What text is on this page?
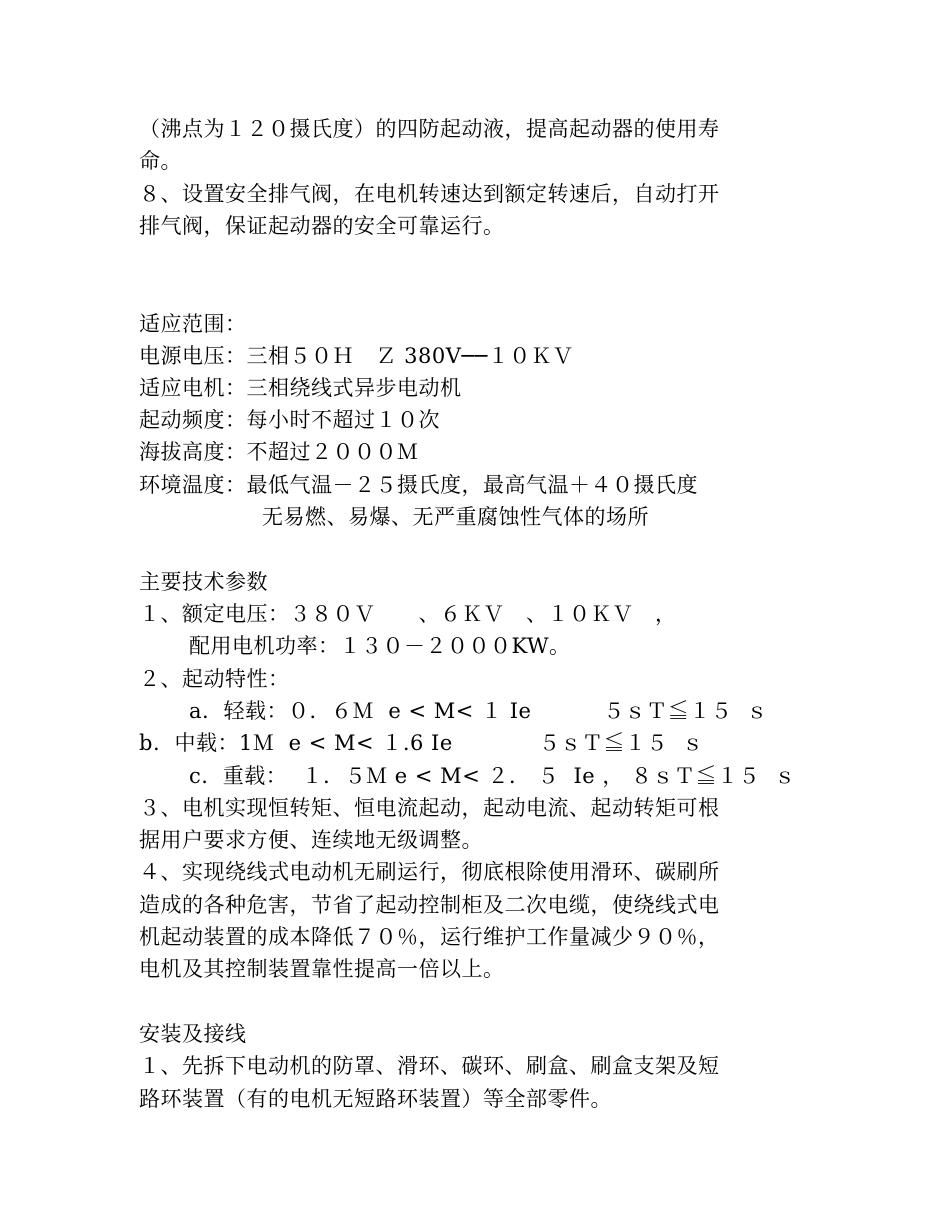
（沸点为１２０摄氏度）的四防起动液，提高起动器的使用寿
命。
８、设置安全排气阀，在电机转速达到额定转速后，自动打开
排气阀，保证起动器的安全可靠运行。
适应范围：
电源电压：三相５０Ｈ　Ｚ 380V──１０ＫＶ
适应电机：三相绕线式异步电动机
起动频度：每小时不超过１０次
海拔高度：不超过２０００Ｍ
环境温度：最低气温－２５摄氏度，最高气温＋４０摄氏度
无易燃、易爆、无严重腐蚀性气体的场所
主要技术参数
１、额定电压：３８０Ｖ　　、６ＫＶ　、１０ＫＶ　，
配用电机功率：１３０－２０００KW。
２、起动特性：
a.  轻载：０．６Ｍ  e < M< １ Ie          ５ｓＴ≦１５  ｓ
b.  中载：1Ｍ  e < M< １.6 Ie            ５ｓＴ≦１５  ｓ
c.  重载：  １．５Ｍ e < M< ２． ５  Ie ， ８ｓＴ≦１５  ｓ
３、电机实现恒转矩、恒电流起动，起动电流、起动转矩可根
据用户要求方便、连续地无级调整。
４、实现绕线式电动机无刷运行，彻底根除使用滑环、碳刷所
造成的各种危害，节省了起动控制柜及二次电缆，使绕线式电
机起动装置的成本降低７０％，运行维护工作量减少９０％，
电机及其控制装置靠性提高一倍以上。
安装及接线
１、先拆下电动机的防罩、滑环、碳环、刷盒、刷盒支架及短
路环装置（有的电机无短路环装置）等全部零件。
